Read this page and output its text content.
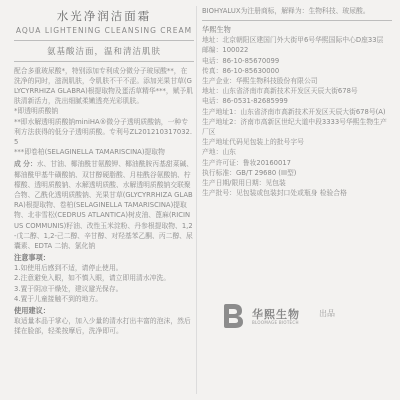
水光净润洁面霜
AQUA LIGHTENING CLEANSING CREAM
氨基酸洁面，温和清洁肌肤

配合多重玻尿酸*，特别添加专利成分微分子玻尿酸**，在洗净的同时，滋润肌肤，令肌肤不干不涩。添加光果甘草(GLYCYRRHIZA GLABRA)根提取物及蛋活草精华***，赋予肌肤清新活力，洗出细腻柔嫩透亮光彩肌肤。
*即透明质酸钠
**即水解透明质酸钠miniHA®微分子透明质酸钠，一种专利方法获得的低分子透明质酸。专利号ZL201210317032.5
***即卷柏(SELAGINELLA TAMARISCINA)提取物

成 分：水、甘油、椰油酰甘氨酸钾、椰油酰胺丙基甜菜碱、椰油酰甲基牛磺酸钠、双甘醇硬脂酸、月桂酰谷氨酸钠、柠檬酸、透明质酸钠、水解透明质酸、水解透明质酸钠交联聚合物、乙酰化透明质酸钠、光果甘草(GLYCYRRHIZA GLABRA)根提取物、卷柏(SELAGINELLA TAMARISCINA)提取物、北非雪松(CEDRUS ATLANTICA)树皮油、蓖麻(RICINUS COMMUNIS)籽油、改性玉米淀粉、丹参根提取物、1,2-戊二醇、1,2-己二醇、辛甘醇、对羟基苯乙酮、丙二醇、尿囊素、EDTA 二钠、氯化钠

注意事项：

1.如使用后感到不适，请停止使用。
2.注意避免入眼，如不慎入眼，请立即用清水冲洗。
3.置于阴凉干燥处，建议避光保存。
4.置于儿童接触不到的地方。

使用建议：

取适量本品于掌心，加入少量的清水打出丰富的泡沫，然后揉在脸部，轻柔按摩后，洗净即可。

BIOHYALUX为注册商标，解释为：生物科技、玻尿酸。

华熙生物

地址：北京朝阳区建国门外大街甲6号华熙国际中心D座33层
邮编：100022
电话：86-10-85670099
传真：86-10-85630000
生产企业：华熙生物科技股份有限公司
地址：山东省济南市高新技术开发区天辰大街678号
电话：86-0531-82685999
生产地址1：山东省济南市高新技术开发区天辰大街678号(A)
生产地址2：济南市高新区世纪大道中段3333号华熙生物生产厂区
生产地址代码见包装上的批号字号
产地：山东

生产许可证：鲁妆20160017
执行标准：GB/T 29680 (III型)
生产日期/限用日期：见包装
生产批号：见包装或包装封口处或瓶身 检验合格

华熙生物
BLOOMAGE BIOTECH
出品
